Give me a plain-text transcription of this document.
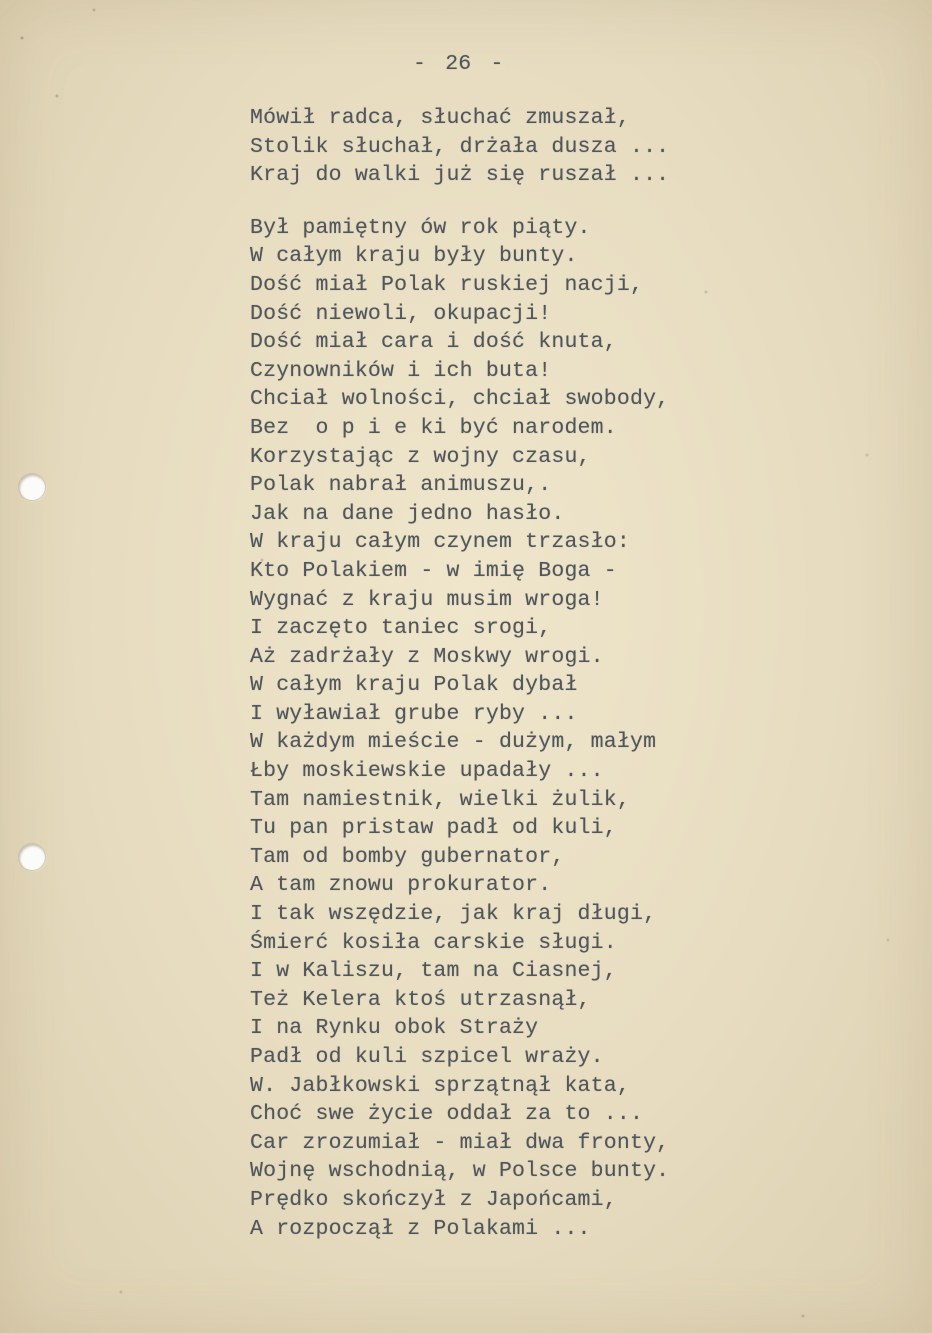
- 26 -
Mówił radca, słuchać zmuszał,
Stolik słuchał, drżała dusza ...
Kraj do walki już się ruszał ...
Był pamiętny ów rok piąty.
W całym kraju były bunty.
Dość miał Polak ruskiej nacji,
Dość niewoli, okupacji!
Dość miał cara i dość knuta,
Czynowników i ich buta!
Chciał wolności, chciał swobody,
Bez  o p i e ki być narodem.
Korzystając z wojny czasu,
Polak nabrał animuszu,.
Jak na dane jedno hasło.
W kraju całym czynem trzasło:
Kto Polakiem - w imię Boga -
Wygnać z kraju musim wroga!
I zaczęto taniec srogi,
Aż zadrżały z Moskwy wrogi.
W całym kraju Polak dybał
I wyławiał grube ryby ...
W każdym mieście - dużym, małym
Łby moskiewskie upadały ...
Tam namiestnik, wielki żulik,
Tu pan pristaw padł od kuli,
Tam od bomby gubernator,
A tam znowu prokurator.
I tak wszędzie, jak kraj długi,
Śmierć kosiła carskie sługi.
I w Kaliszu, tam na Ciasnej,
Też Kelera ktoś utrzasnął,
I na Rynku obok Straży
Padł od kuli szpicel wraży.
W. Jabłkowski sprzątnął kata,
Choć swe życie oddał za to ...
Car zrozumiał - miał dwa fronty,
Wojnę wschodnią, w Polsce bunty.
Prędko skończył z Japońcami,
A rozpoczął z Polakami ...
